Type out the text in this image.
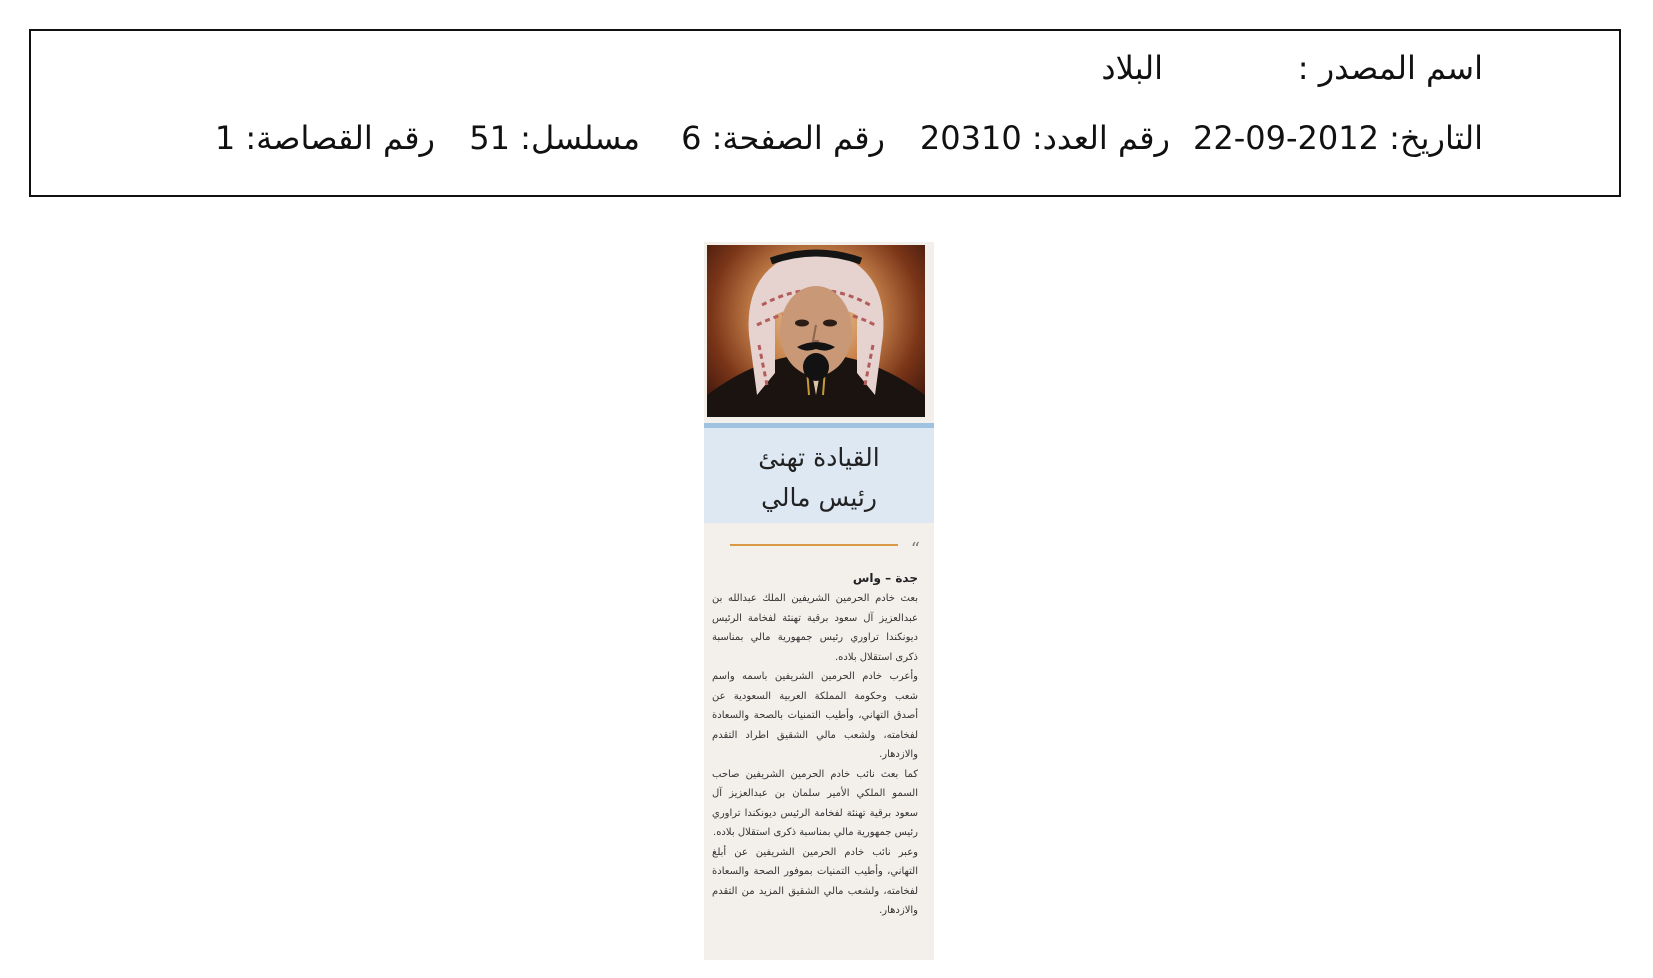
اسم المصدر :
البلاد
التاريخ: 2012-09-22
رقم العدد: 20310
رقم الصفحة: 6
مسلسل: 51
رقم القصاصة: 1
القيادة تهنئ
رئيس مالي
“
جدة – واس

بعث خادم الحرمين الشريفين الملك عبدالله بن عبدالعزيز آل سعود برقية تهنئة لفخامة الرئيس ديونكندا تراوري رئيس جمهورية مالي بمناسبة ذكرى استقلال بلاده.

وأعرب خادم الحرمين الشريفين باسمه واسم شعب وحكومة المملكة العربية السعودية عن أصدق التهاني، وأطيب التمنيات بالصحة والسعادة لفخامته، ولشعب مالي الشقيق اطراد التقدم والازدهار.

كما بعث نائب خادم الحرمين الشريفين صاحب السمو الملكي الأمير سلمان بن عبدالعزيز آل سعود برقية تهنئة لفخامة الرئيس ديونكندا تراوري رئيس جمهورية مالي بمناسبة ذكرى استقلال بلاده.

وعبر نائب خادم الحرمين الشريفين عن أبلغ التهاني، وأطيب التمنيات بموفور الصحة والسعادة لفخامته، ولشعب مالي الشقيق المزيد من التقدم والازدهار.
